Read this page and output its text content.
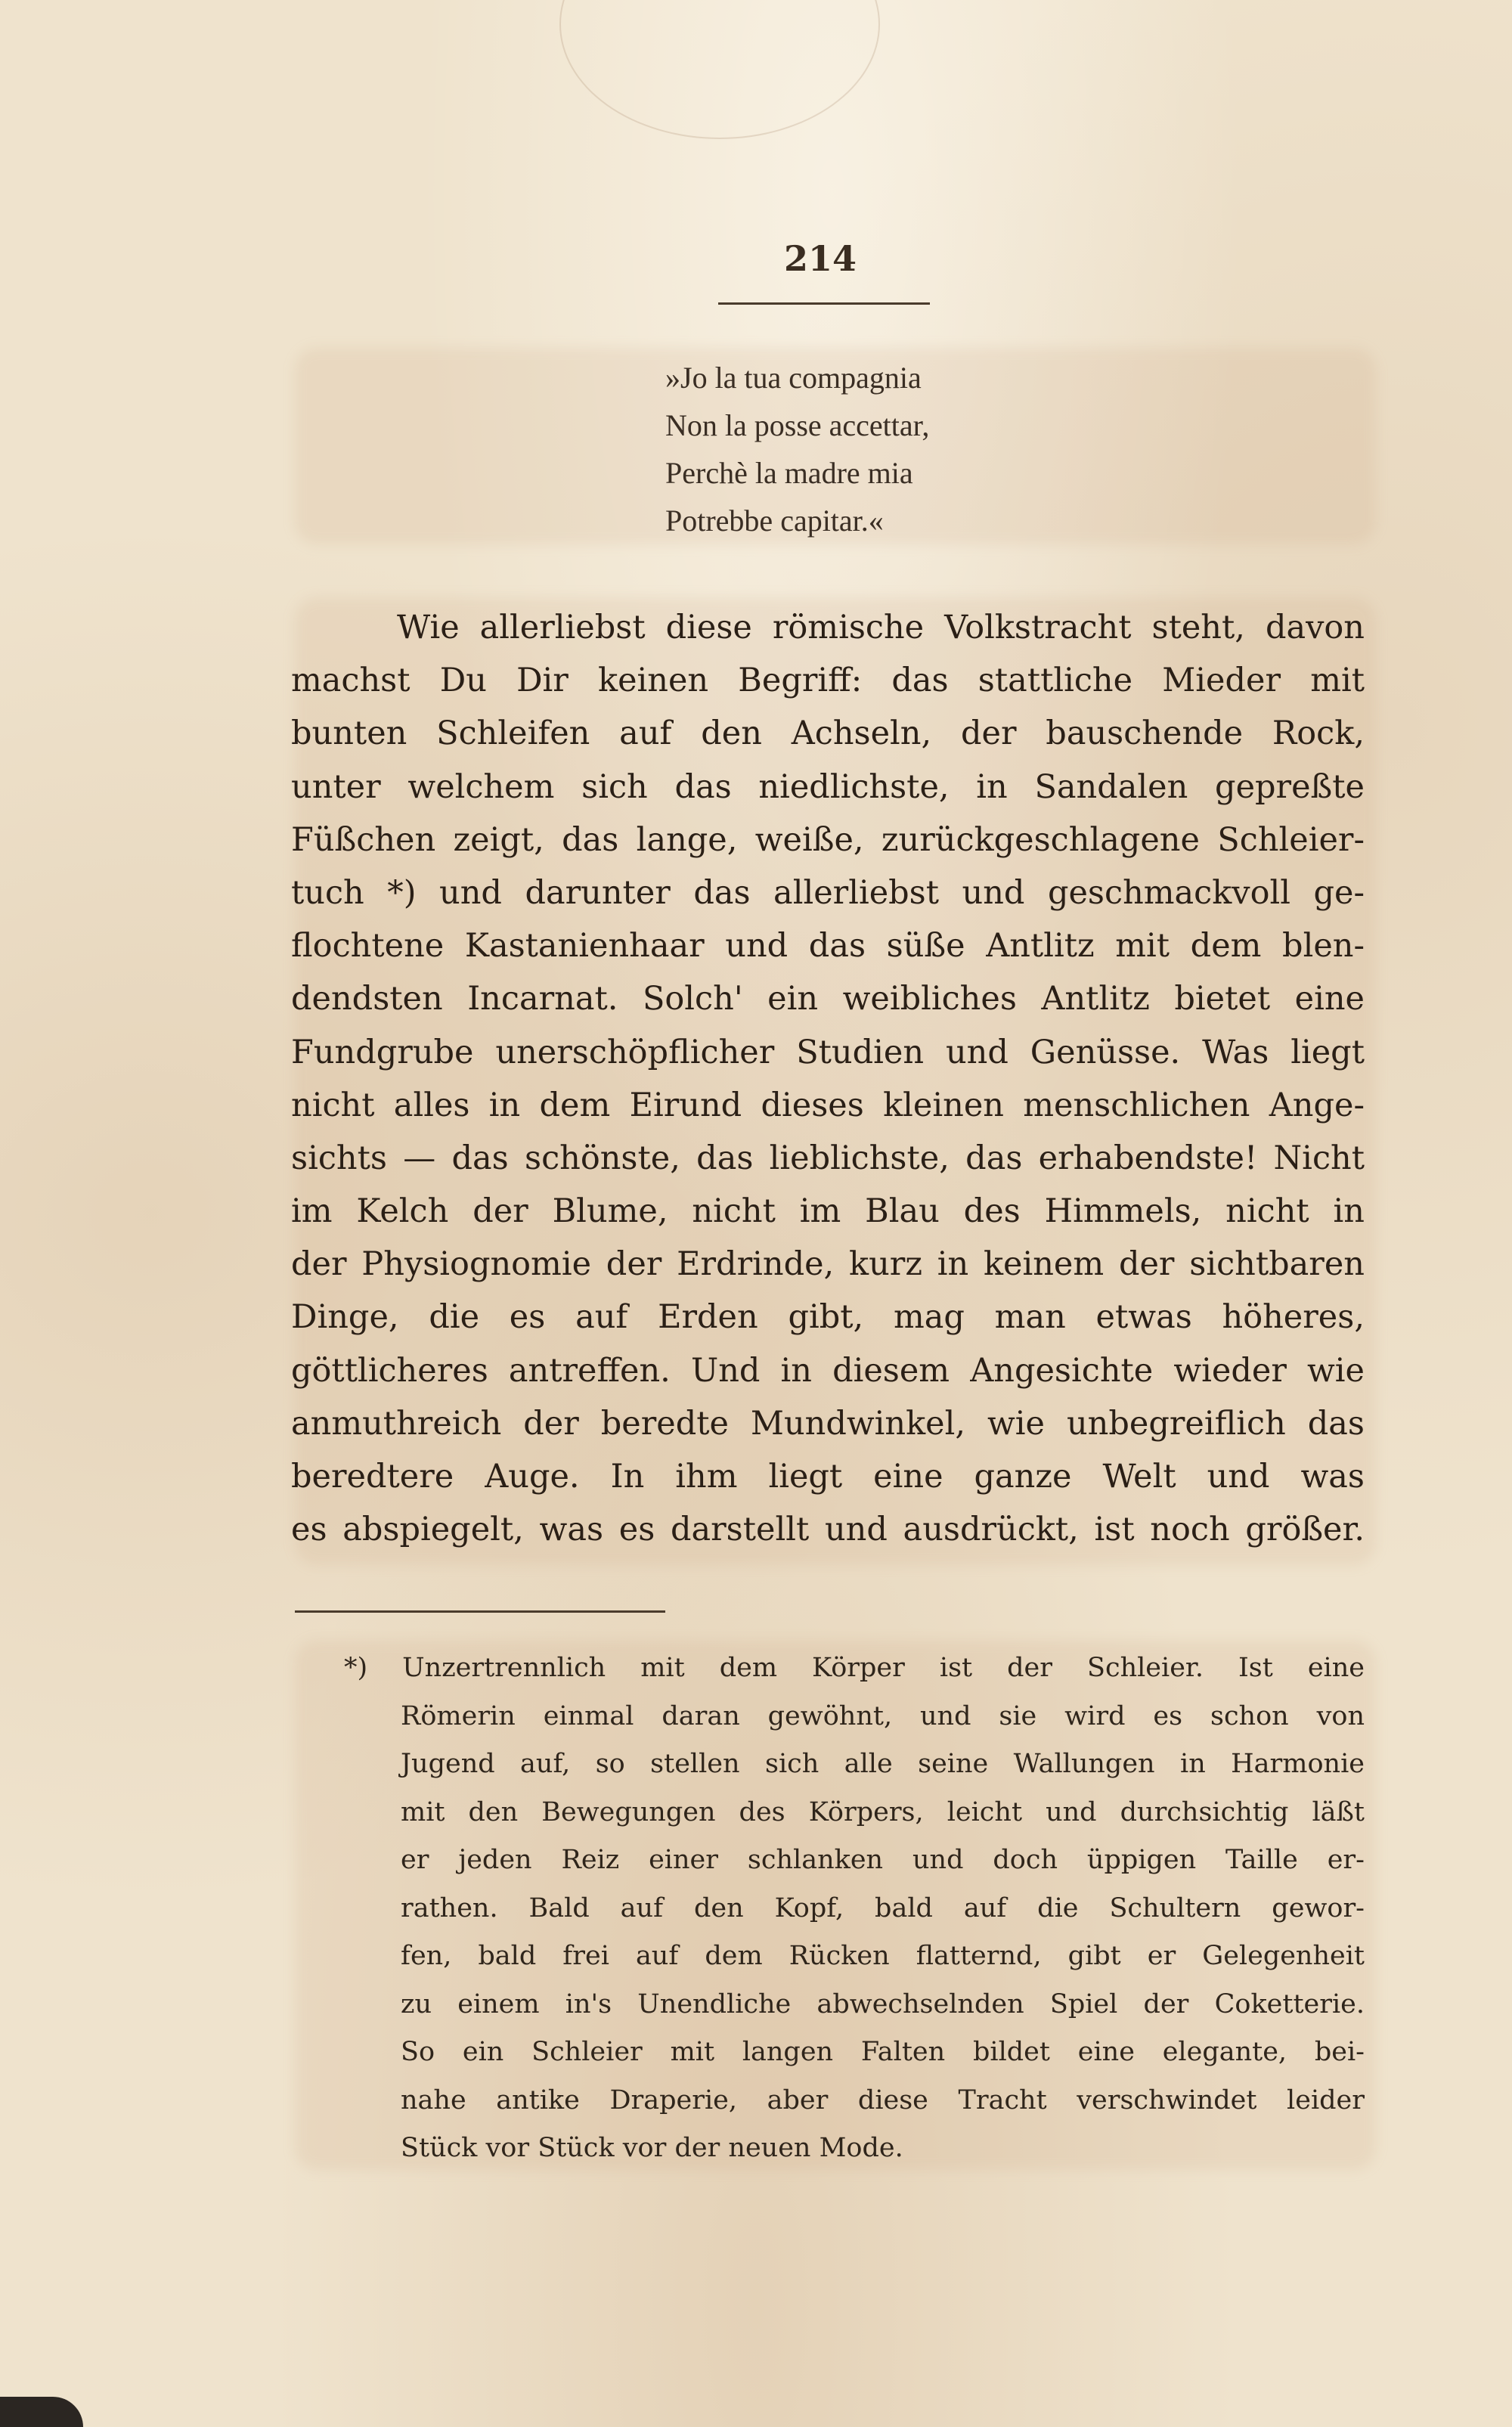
214
»Jo la tua compagnia
Non la posse accettar,
Perchè la madre mia
Potrebbe capitar.«
Wie allerliebst diese römische Volkstracht steht, davon
machst Du Dir keinen Begriff: das stattliche Mieder mit
bunten Schleifen auf den Achseln, der bauschende Rock,
unter welchem sich das niedlichste, in Sandalen gepreßte
Füßchen zeigt, das lange, weiße, zurückgeschlagene Schleier-
tuch *) und darunter das allerliebst und geschmackvoll ge-
flochtene Kastanienhaar und das süße Antlitz mit dem blen-
dendsten Incarnat. Solch' ein weibliches Antlitz bietet eine
Fundgrube unerschöpflicher Studien und Genüsse. Was liegt
nicht alles in dem Eirund dieses kleinen menschlichen Ange-
sichts — das schönste, das lieblichste, das erhabendste! Nicht
im Kelch der Blume, nicht im Blau des Himmels, nicht in
der Physiognomie der Erdrinde, kurz in keinem der sichtbaren
Dinge, die es auf Erden gibt, mag man etwas höheres,
göttlicheres antreffen. Und in diesem Angesichte wieder wie
anmuthreich der beredte Mundwinkel, wie unbegreiflich das
beredtere Auge. In ihm liegt eine ganze Welt und was
es abspiegelt, was es darstellt und ausdrückt, ist noch größer.
*) Unzertrennlich mit dem Körper ist der Schleier. Ist eine
Römerin einmal daran gewöhnt, und sie wird es schon von
Jugend auf, so stellen sich alle seine Wallungen in Harmonie
mit den Bewegungen des Körpers, leicht und durchsichtig läßt
er jeden Reiz einer schlanken und doch üppigen Taille er-
rathen. Bald auf den Kopf, bald auf die Schultern gewor-
fen, bald frei auf dem Rücken flatternd, gibt er Gelegenheit
zu einem in's Unendliche abwechselnden Spiel der Coketterie.
So ein Schleier mit langen Falten bildet eine elegante, bei-
nahe antike Draperie, aber diese Tracht verschwindet leider
Stück vor Stück vor der neuen Mode.
